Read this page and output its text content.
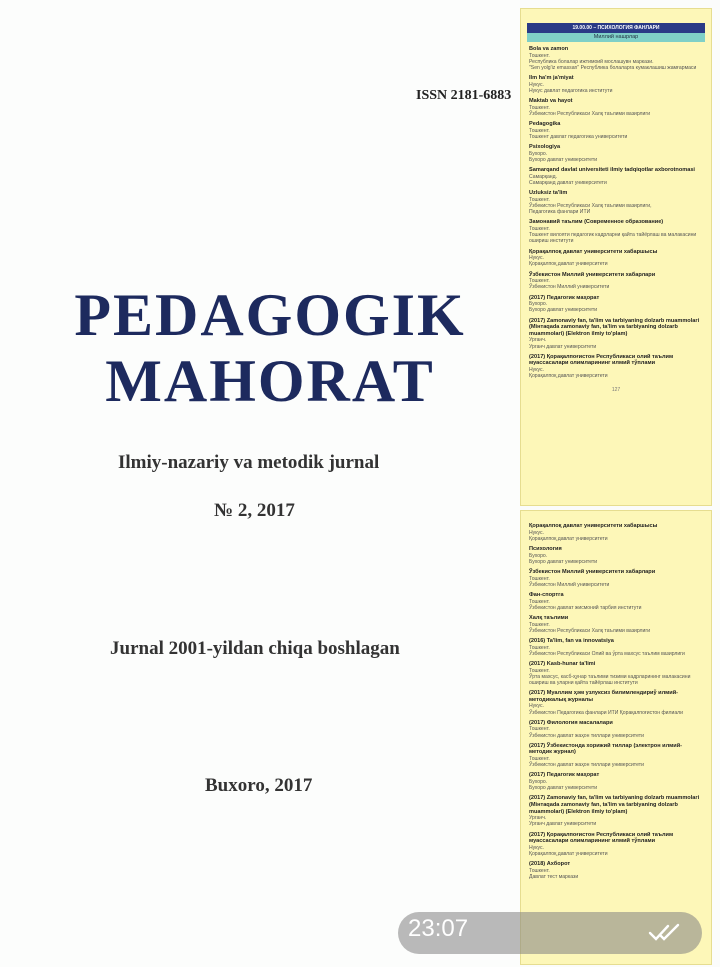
ISSN 2181-6883
PEDAGOGIK
MAHORAT
Ilmiy-nazariy va metodik jurnal
№ 2, 2017
Jurnal 2001-yildan chiqa boshlagan
Buxoro, 2017
19.00.00 – ПСИХОЛОГИЯ ФАНЛАРИ
Миллий нашрлар
Bola va zamon
Тошкент.
Республика болалар ижтимоий мослашувн маркази.
"Sen yolg'iz emassan" Республика болаларга кумаклашиш жамғармаси
Ilm ha'm ja'miyat
Нукус.
Нукус давлат педагогика институти
Maktab va hayot
Тошкент.
Ўзбекистон Республикаси Халқ таълими вазирлиги
Pedagogika
Тошкент.
Тошкент давлат педагогика университети
Psixologiya
Бухоро.
Бухоро давлат университети
Samarqand davlat universiteti ilmiy tadqiqotlar axborotnomasi
Самарқанд.
Самарқанд давлат университети
Uzluksiz ta'lim
Тошкент.
Ўзбекистон Республикаси Халқ таълими вазирлиги,
Педагогика фанлари ИТИ
Замонавий таълим (Современное образование)
Тошкент.
Тошкент вилояти педагогик кадрларни қайта тайёрлаш ва малакасини ошириш институти
Қорақалпоқ давлат университети хабаршысы
Нукус.
Қорақалпоқ давлат университети
Ўзбекистон Миллий университети хабарлари
Тошкент.
Ўзбекистон Миллий университети
(2017) Педагогик маҳорат
Бухоро.
Бухоро давлат университети
(2017) Zamonaviy fan, ta'lim va tarbiyaning dolzarb muammolari (Мінтaqada zamonaviy fan, ta'lim va tarbiyaning dolzarb muammolari) (Elektron ilmiy to'plam)
Урганч.
Урганч давлат университети
(2017) Қорақалпоғистон Республикаси олий таълим муассасалари олимларининг илмий тўплами
Нукус.
Қорақалпоқ давлат университети
127
Қорақалпоқ давлат университети хабаршысы
Нукус.
Қорақалпоқ давлат университети
Психология
Бухоро.
Бухоро давлат университети
Ўзбекистон Миллий университети хабарлари
Тошкент.
Ўзбекистон Миллий университети
Фан-спортга
Тошкент.
Ўзбекистон давлат жисмоний тарбия институти
Халқ таълими
Тошкент.
Ўзбекистон Республикаси Халқ таълими вазирлиги
(2016) Ta'lim, fan va innovatsiya
Тошкент.
Ўзбекистон Республикаси Олий ва ўрта махсус таълим вазирлиги
(2017) Kasb-hunar ta'limi
Тошкент.
Ўрта махсус, касб-ҳунар таълими тизими кадрларининг малакасини ошириш ва уларни қайта тайёрлаш институти
(2017) Муаллим ҳәм узлуксиз билимлендириў илмий-методикалық журналы
Нукус.
Ўзбекистон Педагогика фанлари ИТИ Қорақалпоғистон филиали
(2017) Филология масалалари
Тошкент.
Ўзбекистон давлат жаҳон тиллари университети
(2017) Ўзбекистонда хорижий тиллар (электрон илмий-методик журнал)
Тошкент.
Ўзбекистон давлат жаҳон тиллари университети
(2017) Педагогик маҳорат
Бухоро.
Бухоро давлат университети
(2017) Zamonaviy fan, ta'lim va tarbiyaning dolzarb muammolari (Мінтaqada zamonaviy fan, ta'lim va tarbiyaning dolzarb muammolari) (Elektron ilmiy to'plam)
Урганч.
Урганч давлат университети
(2017) Қорақалпоғистон Республикаси олий таълим муассасалари олимларининг илмий тўплами
Нукус.
Қорақалпоқ давлат университети
(2018) Ахборот
Тошкент.
Давлат тест маркази
23:07
